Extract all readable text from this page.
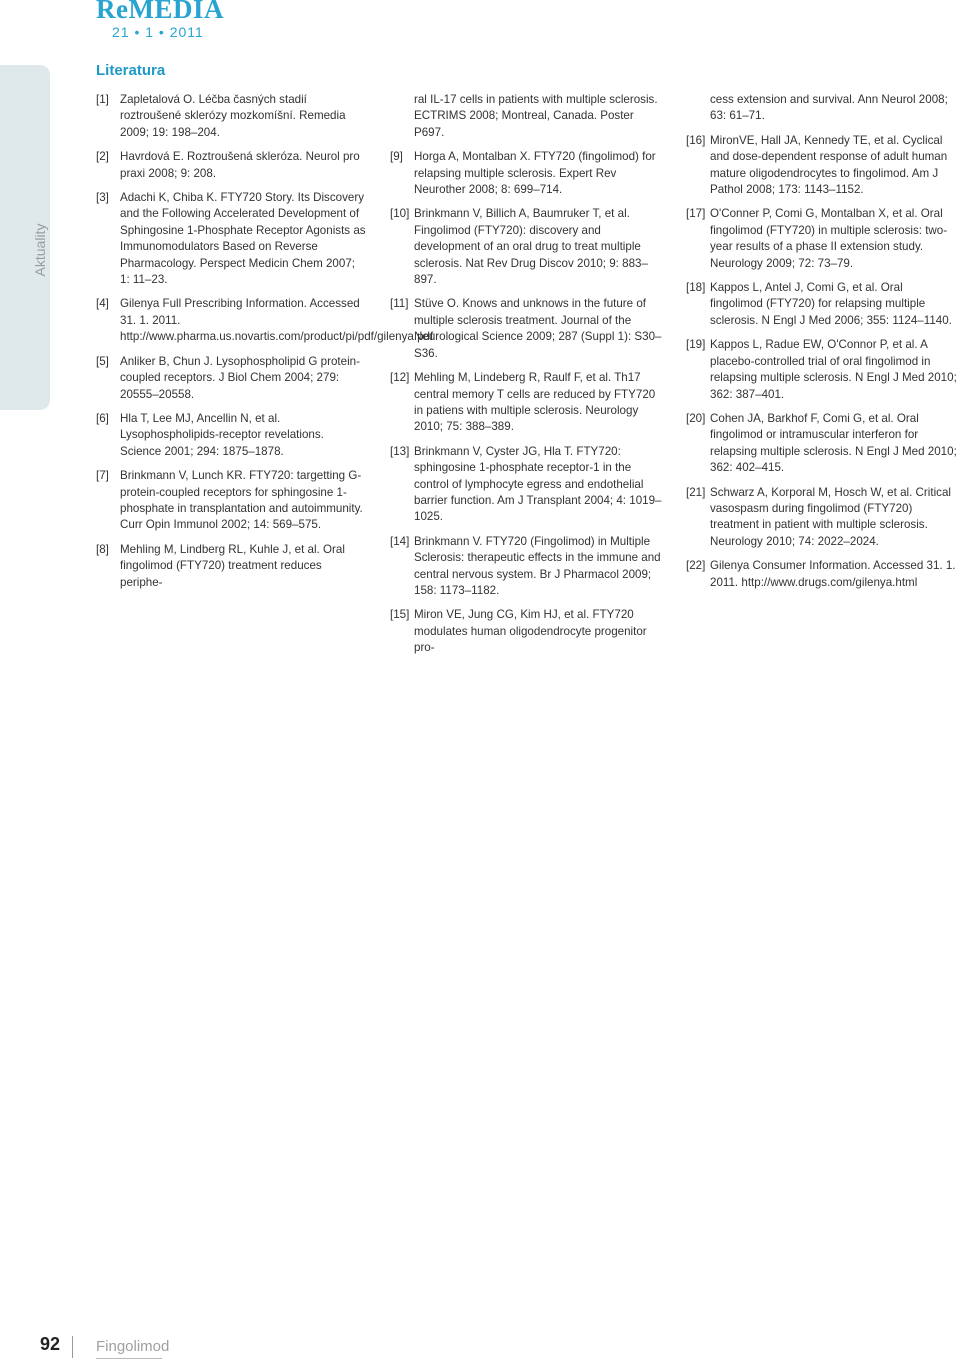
ReMEDIA
21 • 1 • 2011
Aktuality
Literatura
[1] Zapletalová O. Léčba časných stadií roztroušené sklerózy mozkomíšní. Remedia 2009; 19: 198–204.
[2] Havrdová E. Roztroušená skleróza. Neurol pro praxi 2008; 9: 208.
[3] Adachi K, Chiba K. FTY720 Story. Its Discovery and the Following Accelerated Development of Sphingosine 1-Phosphate Receptor Agonists as Immunomodulators Based on Reverse Pharmacology. Perspect Medicin Chem 2007; 1: 11–23.
[4] Gilenya Full Prescribing Information. Accessed 31. 1. 2011. http://www.pharma.us.novartis.com/product/pi/pdf/gilenya.pdf
[5] Anliker B, Chun J. Lysophospholipid G protein-coupled receptors. J Biol Chem 2004; 279: 20555–20558.
[6] Hla T, Lee MJ, Ancellin N, et al. Lysophospholipids-receptor revelations. Science 2001; 294: 1875–1878.
[7] Brinkmann V, Lunch KR. FTY720: targetting G-protein-coupled receptors for sphingosine 1-phosphate in transplantation and autoimmunity. Curr Opin Immunol 2002; 14: 569–575.
[8] Mehling M, Lindberg RL, Kuhle J, et al. Oral fingolimod (FTY720) treatment reduces periphe-
ral IL-17 cells in patients with multiple sclerosis. ECTRIMS 2008; Montreal, Canada. Poster P697.
[9] Horga A, Montalban X. FTY720 (fingolimod) for relapsing multiple sclerosis. Expert Rev Neurother 2008; 8: 699–714.
[10] Brinkmann V, Billich A, Baumruker T, et al. Fingolimod (FTY720): discovery and development of an oral drug to treat multiple sclerosis. Nat Rev Drug Discov 2010; 9: 883–897.
[11] Stüve O. Knows and unknows in the future of multiple sclerosis treatment. Journal of the Neurological Science 2009; 287 (Suppl 1): S30–S36.
[12] Mehling M, Lindeberg R, Raulf F, et al. Th17 central memory T cells are reduced by FTY720 in patiens with multiple sclerosis. Neurology 2010; 75: 388–389.
[13] Brinkmann V, Cyster JG, Hla T. FTY720: sphingosine 1-phosphate receptor-1 in the control of lymphocyte egress and endothelial barrier function. Am J Transplant 2004; 4: 1019–1025.
[14] Brinkmann V. FTY720 (Fingolimod) in Multiple Sclerosis: therapeutic effects in the immune and central nervous system. Br J Pharmacol 2009; 158: 1173–1182.
[15] Miron VE, Jung CG, Kim HJ, et al. FTY720 modulates human oligodendrocyte progenitor pro-
cess extension and survival. Ann Neurol 2008; 63: 61–71.
[16] MironVE, Hall JA, Kennedy TE, et al. Cyclical and dose-dependent response of adult human mature oligodendrocytes to fingolimod. Am J Pathol 2008; 173: 1143–1152.
[17] O'Conner P, Comi G, Montalban X, et al. Oral fingolimod (FTY720) in multiple sclerosis: two-year results of a phase II extension study. Neurology 2009; 72: 73–79.
[18] Kappos L, Antel J, Comi G, et al. Oral fingolimod (FTY720) for relapsing multiple sclerosis. N Engl J Med 2006; 355: 1124–1140.
[19] Kappos L, Radue EW, O'Connor P, et al. A placebo-controlled trial of oral fingolimod in relapsing multiple sclerosis. N Engl J Med 2010; 362: 387–401.
[20] Cohen JA, Barkhof F, Comi G, et al. Oral fingolimod or intramuscular interferon for relapsing multiple sclerosis. N Engl J Med 2010; 362: 402–415.
[21] Schwarz A, Korporal M, Hosch W, et al. Critical vasospasm during fingolimod (FTY720) treatment in patient with multiple sclerosis. Neurology 2010; 74: 2022–2024.
[22] Gilenya Consumer Information. Accessed 31. 1. 2011. http://www.drugs.com/gilenya.html
92 Fingolimod
